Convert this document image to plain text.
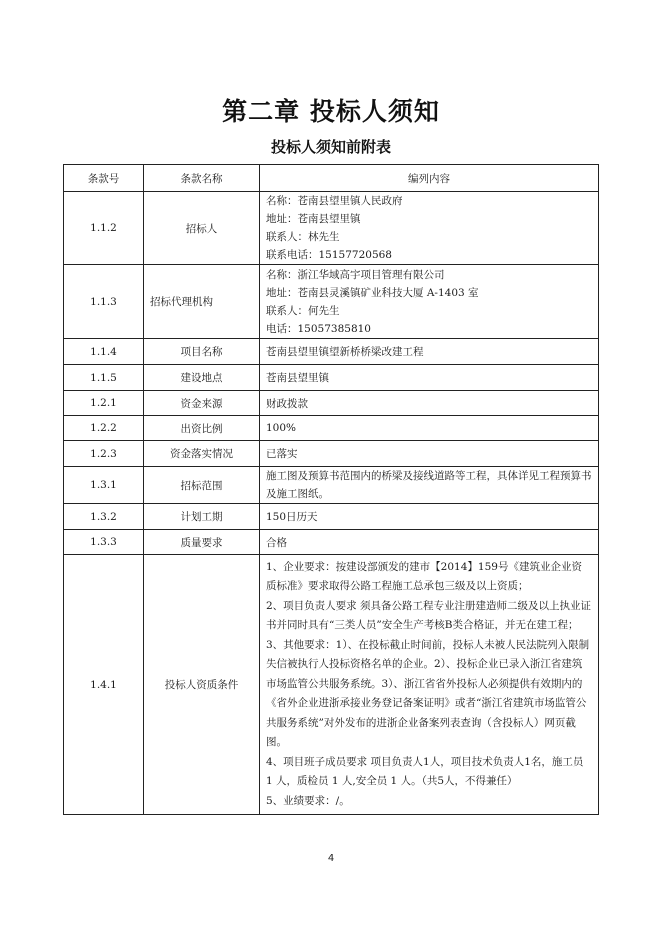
第二章 投标人须知
投标人须知前附表
条款号	条款名称	编列内容
1.1.2	招标人	名称：苍南县望里镇人民政府
地址：苍南县望里镇
联系人：林先生
联系电话：15157720568

1.1.3	招标代理机构	名称：浙江华域高宇项目管理有限公司
地址：苍南县灵溪镇矿业科技大厦 A-1403 室
联系人：何先生
电话：15057385810

1.1.4	项目名称	苍南县望里镇望新桥桥梁改建工程
1.1.5	建设地点	苍南县望里镇
1.2.1	资金来源	财政拨款
1.2.2	出资比例	100%
1.2.3	资金落实情况	已落实
1.3.1	招标范围	施工图及预算书范围内的桥梁及接线道路等工程，具体详见工程预算书及施工图纸。
1.3.2	计划工期	150日历天
1.3.3	质量要求	合格
1.4.1	投标人资质条件	1、企业要求：按建设部颁发的建市【2014】159号《建筑业企业资质标准》要求取得公路工程施工总承包三级及以上资质；
2、项目负责人要求 须具备公路工程专业注册建造师二级及以上执业证书并同时具有“三类人员”安全生产考核B类合格证，并无在建工程；
3、其他要求：1）、在投标截止时间前，投标人未被人民法院列入限制失信被执行人投标资格名单的企业。2）、投标企业已录入浙江省建筑市场监管公共服务系统。3）、浙江省省外投标人必须提供有效期内的《省外企业进浙承接业务登记备案证明》或者“浙江省建筑市场监管公共服务系统”对外发布的进浙企业备案列表查询（含投标人）网页截图。
4、项目班子成员要求 项目负责人1人，项目技术负责人1名，施工员 1 人，质检员 1 人,安全员 1 人。（共5人，不得兼任）
5、业绩要求：/。
4
